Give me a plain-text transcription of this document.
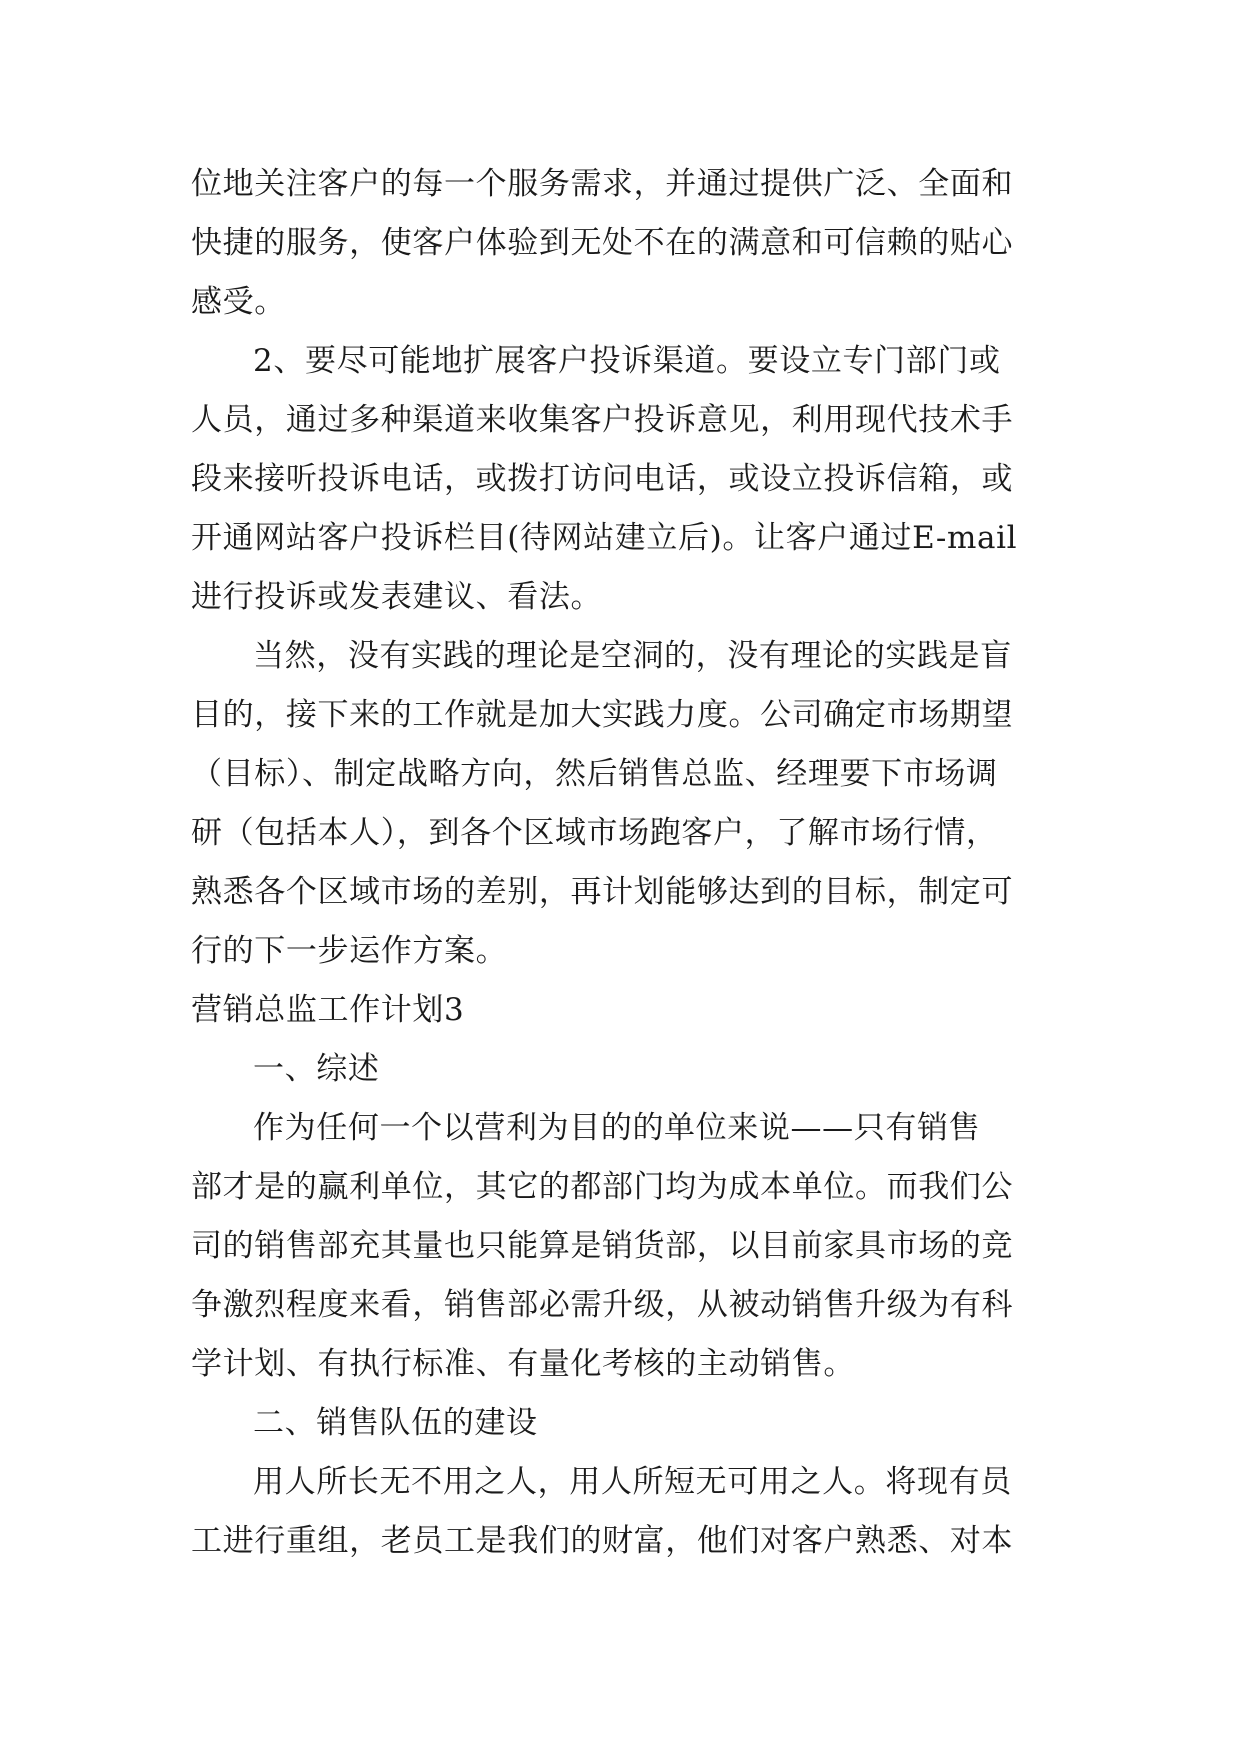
位地关注客户的每一个服务需求，并通过提供广泛、全面和
快捷的服务，使客户体验到无处不在的满意和可信赖的贴心
感受。
2、要尽可能地扩展客户投诉渠道。要设立专门部门或
人员，通过多种渠道来收集客户投诉意见，利用现代技术手
段来接听投诉电话，或拨打访问电话，或设立投诉信箱，或
开通网站客户投诉栏目(待网站建立后)。让客户通过E-mail
进行投诉或发表建议、看法。
当然，没有实践的理论是空洞的，没有理论的实践是盲
目的，接下来的工作就是加大实践力度。公司确定市场期望
（目标）、制定战略方向，然后销售总监、经理要下市场调
研（包括本人），到各个区域市场跑客户，了解市场行情，
熟悉各个区域市场的差别，再计划能够达到的目标，制定可
行的下一步运作方案。
营销总监工作计划3
一、综述
作为任何一个以营利为目的的单位来说——只有销售
部才是的赢利单位，其它的都部门均为成本单位。而我们公
司的销售部充其量也只能算是销货部，以目前家具市场的竞
争激烈程度来看，销售部必需升级，从被动销售升级为有科
学计划、有执行标准、有量化考核的主动销售。
二、销售队伍的建设
用人所长无不用之人，用人所短无可用之人。将现有员
工进行重组，老员工是我们的财富，他们对客户熟悉、对本
